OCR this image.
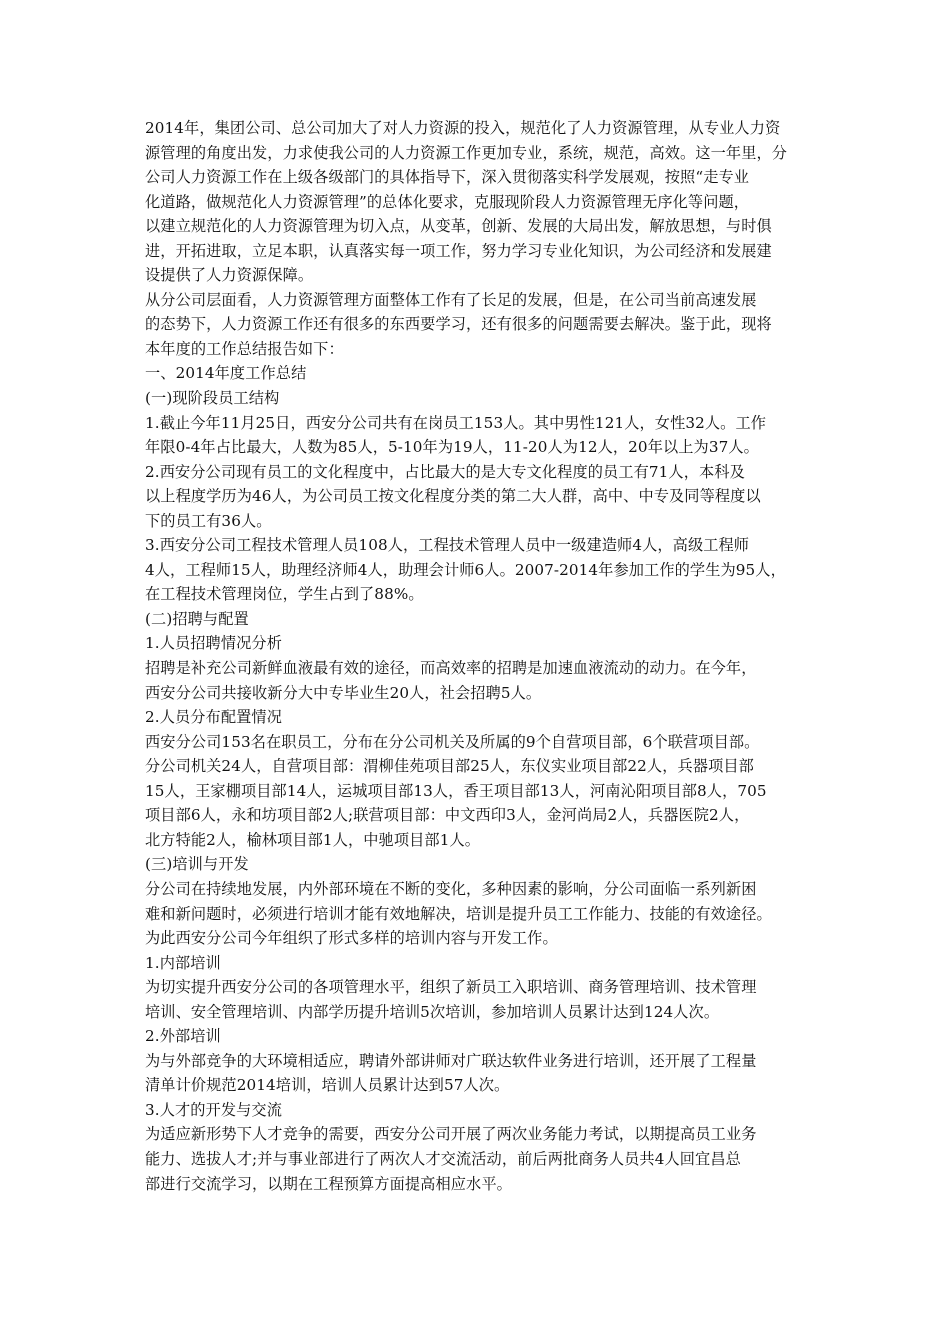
2014年，集团公司、总公司加大了对人力资源的投入，规范化了人力资源管理，从专业人力资
源管理的角度出发，力求使我公司的人力资源工作更加专业，系统，规范，高效。这一年里，分
公司人力资源工作在上级各级部门的具体指导下，深入贯彻落实科学发展观，按照“走专业
化道路，做规范化人力资源管理”的总体化要求，克服现阶段人力资源管理无序化等问题，
以建立规范化的人力资源管理为切入点，从变革，创新、发展的大局出发，解放思想，与时俱
进，开拓进取，立足本职，认真落实每一项工作，努力学习专业化知识，为公司经济和发展建
设提供了人力资源保障。
从分公司层面看，人力资源管理方面整体工作有了长足的发展，但是，在公司当前高速发展
的态势下，人力资源工作还有很多的东西要学习，还有很多的问题需要去解决。鉴于此，现将
本年度的工作总结报告如下：
一、2014年度工作总结
(一)现阶段员工结构
1.截止今年11月25日，西安分公司共有在岗员工153人。其中男性121人，女性32人。工作
年限0-4年占比最大，人数为85人，5-10年为19人，11-20人为12人，20年以上为37人。
2.西安分公司现有员工的文化程度中，占比最大的是大专文化程度的员工有71人，本科及
以上程度学历为46人，为公司员工按文化程度分类的第二大人群，高中、中专及同等程度以
下的员工有36人。
3.西安分公司工程技术管理人员108人，工程技术管理人员中一级建造师4人，高级工程师
4人，工程师15人，助理经济师4人，助理会计师6人。2007-2014年参加工作的学生为95人，
在工程技术管理岗位，学生占到了88%。
(二)招聘与配置
1.人员招聘情况分析
招聘是补充公司新鲜血液最有效的途径，而高效率的招聘是加速血液流动的动力。在今年，
西安分公司共接收新分大中专毕业生20人，社会招聘5人。
2.人员分布配置情况
西安分公司153名在职员工，分布在分公司机关及所属的9个自营项目部，6个联营项目部。
分公司机关24人，自营项目部：渭柳佳苑项目部25人，东仪实业项目部22人，兵器项目部
15人，王家棚项目部14人，运城项目部13人，香王项目部13人，河南沁阳项目部8人，705
项目部6人，永和坊项目部2人;联营项目部：中文西印3人，金河尚局2人，兵器医院2人，
北方特能2人，榆林项目部1人，中驰项目部1人。
(三)培训与开发
分公司在持续地发展，内外部环境在不断的变化，多种因素的影响，分公司面临一系列新困
难和新问题时，必须进行培训才能有效地解决，培训是提升员工工作能力、技能的有效途径。
为此西安分公司今年组织了形式多样的培训内容与开发工作。
1.内部培训
为切实提升西安分公司的各项管理水平，组织了新员工入职培训、商务管理培训、技术管理
培训、安全管理培训、内部学历提升培训5次培训，参加培训人员累计达到124人次。
2.外部培训
为与外部竞争的大环境相适应，聘请外部讲师对广联达软件业务进行培训，还开展了工程量
清单计价规范2014培训，培训人员累计达到57人次。
3.人才的开发与交流
为适应新形势下人才竞争的需要，西安分公司开展了两次业务能力考试，以期提高员工业务
能力、选拔人才;并与事业部进行了两次人才交流活动，前后两批商务人员共4人回宜昌总
部进行交流学习，以期在工程预算方面提高相应水平。
